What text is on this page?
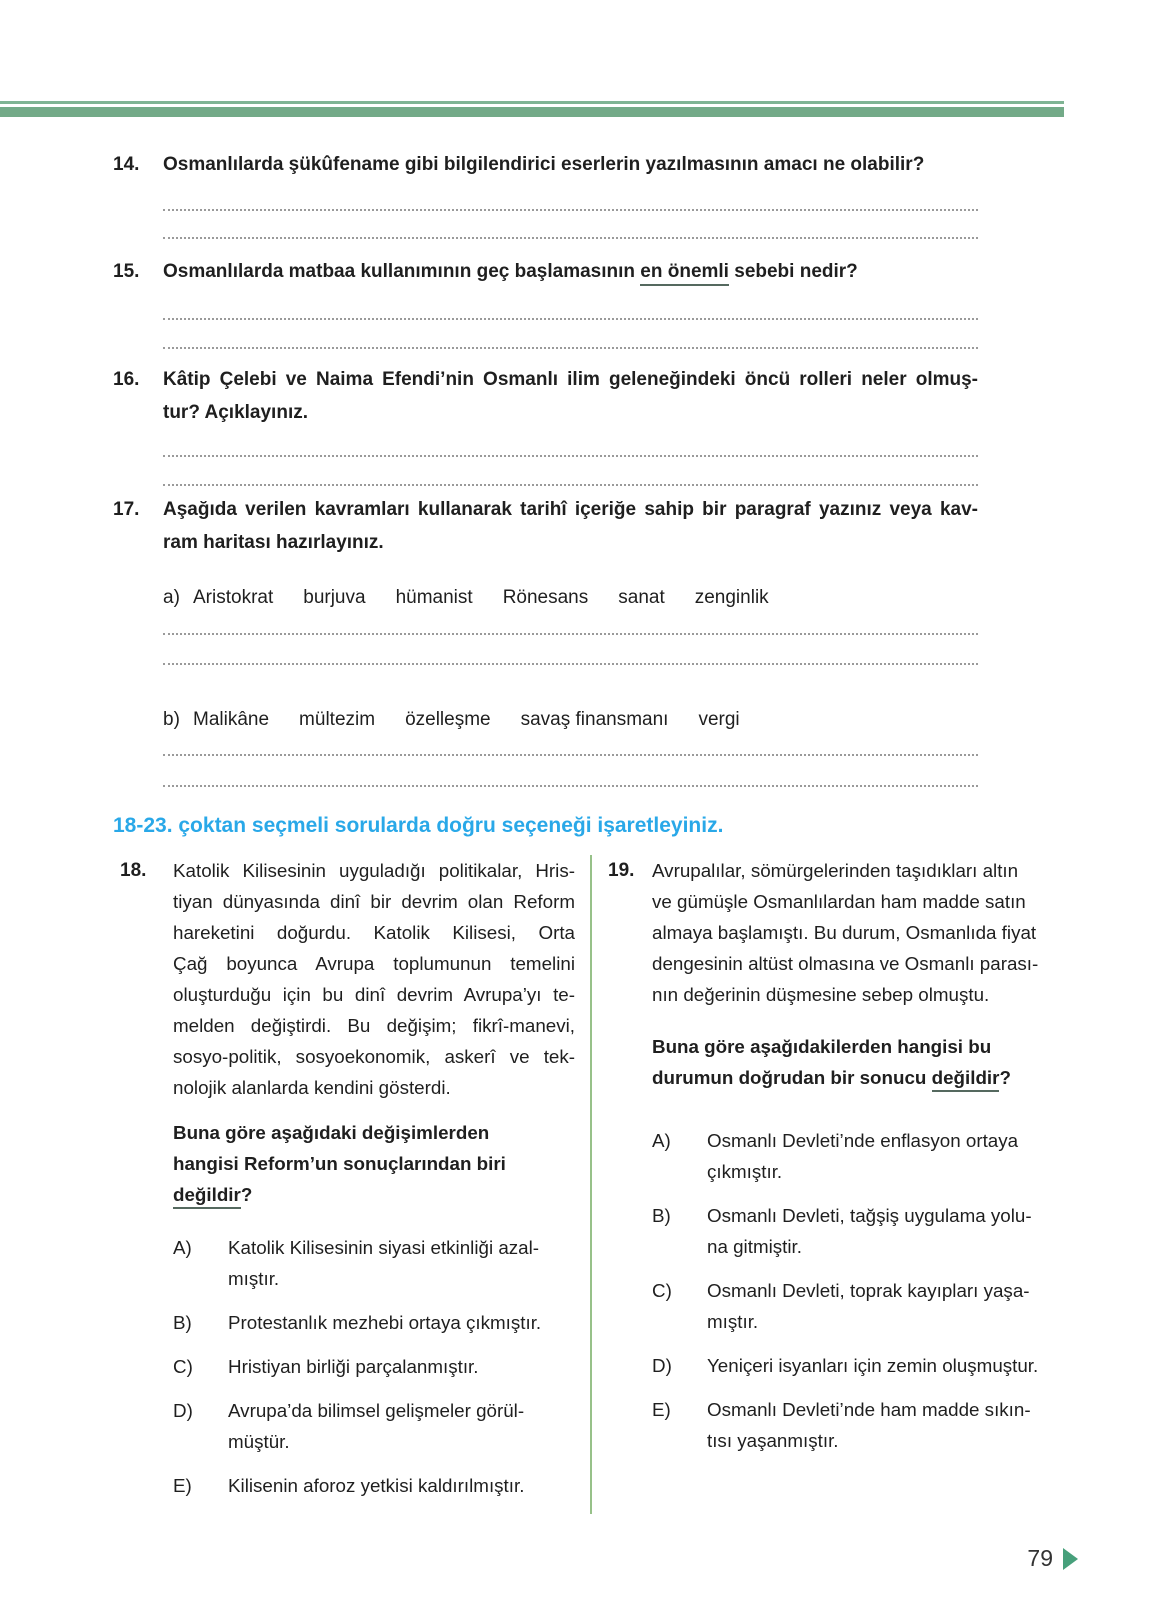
14.	Osmanlılarda şükûfename gibi bilgilendirici eserlerin yazılmasının amacı ne olabilir?
15.	Osmanlılarda matbaa kullanımının geç başlamasının en önemli sebebi nedir?
16.	Kâtip Çelebi ve Naima Efendi’nin Osmanlı ilim geleneğindeki öncü rolleri neler olmuş-
tur? Açıklayınız.
17.	Aşağıda verilen kavramları kullanarak tarihî içeriğe sahip bir paragraf yazınız veya kav-
ram haritası hazırlayınız.
a) Aristokrat burjuva hümanist Rönesans sanat zenginlik
b) Malikâne mültezim özelleşme savaş finansmanı vergi
18-23. çoktan seçmeli sorularda doğru seçeneği işaretleyiniz.
18.	Katolik Kilisesinin uyguladığı politikalar, Hris-
tiyan dünyasında dinî bir devrim olan Reform
hareketini doğurdu. Katolik Kilisesi, Orta
Çağ boyunca Avrupa toplumunun temelini
oluşturduğu için bu dinî devrim Avrupa’yı te-
melden değiştirdi. Bu değişim; fikrî-manevi,
sosyo-politik, sosyoekonomik, askerî ve tek-
nolojik alanlarda kendini gösterdi.
Buna göre aşağıdaki değişimlerden
hangisi Reform’un sonuçlarından biri
değildir?
A)	Katolik Kilisesinin siyasi etkinliği azal-
mıştır.
B)	Protestanlık mezhebi ortaya çıkmıştır.
C)	Hristiyan birliği parçalanmıştır.
D)	Avrupa’da bilimsel gelişmeler görül-
müştür.
E)	Kilisenin aforoz yetkisi kaldırılmıştır.
19. Avrupalılar, sömürgelerinden taşıdıkları altın
ve gümüşle Osmanlılardan ham madde satın
almaya başlamıştı. Bu durum, Osmanlıda fiyat
dengesinin altüst olmasına ve Osmanlı parası-
nın değerinin düşmesine sebep olmuştu.
Buna göre aşağıdakilerden hangisi bu
durumun doğrudan bir sonucu değildir?
A)	Osmanlı Devleti’nde enflasyon ortaya
çıkmıştır.
B)	Osmanlı Devleti, tağşiş uygulama yolu-
na gitmiştir.
C)	Osmanlı Devleti, toprak kayıpları yaşa-
mıştır.
D)	Yeniçeri isyanları için zemin oluşmuştur.
E)	Osmanlı Devleti’nde ham madde sıkın-
tısı yaşanmıştır.
79
